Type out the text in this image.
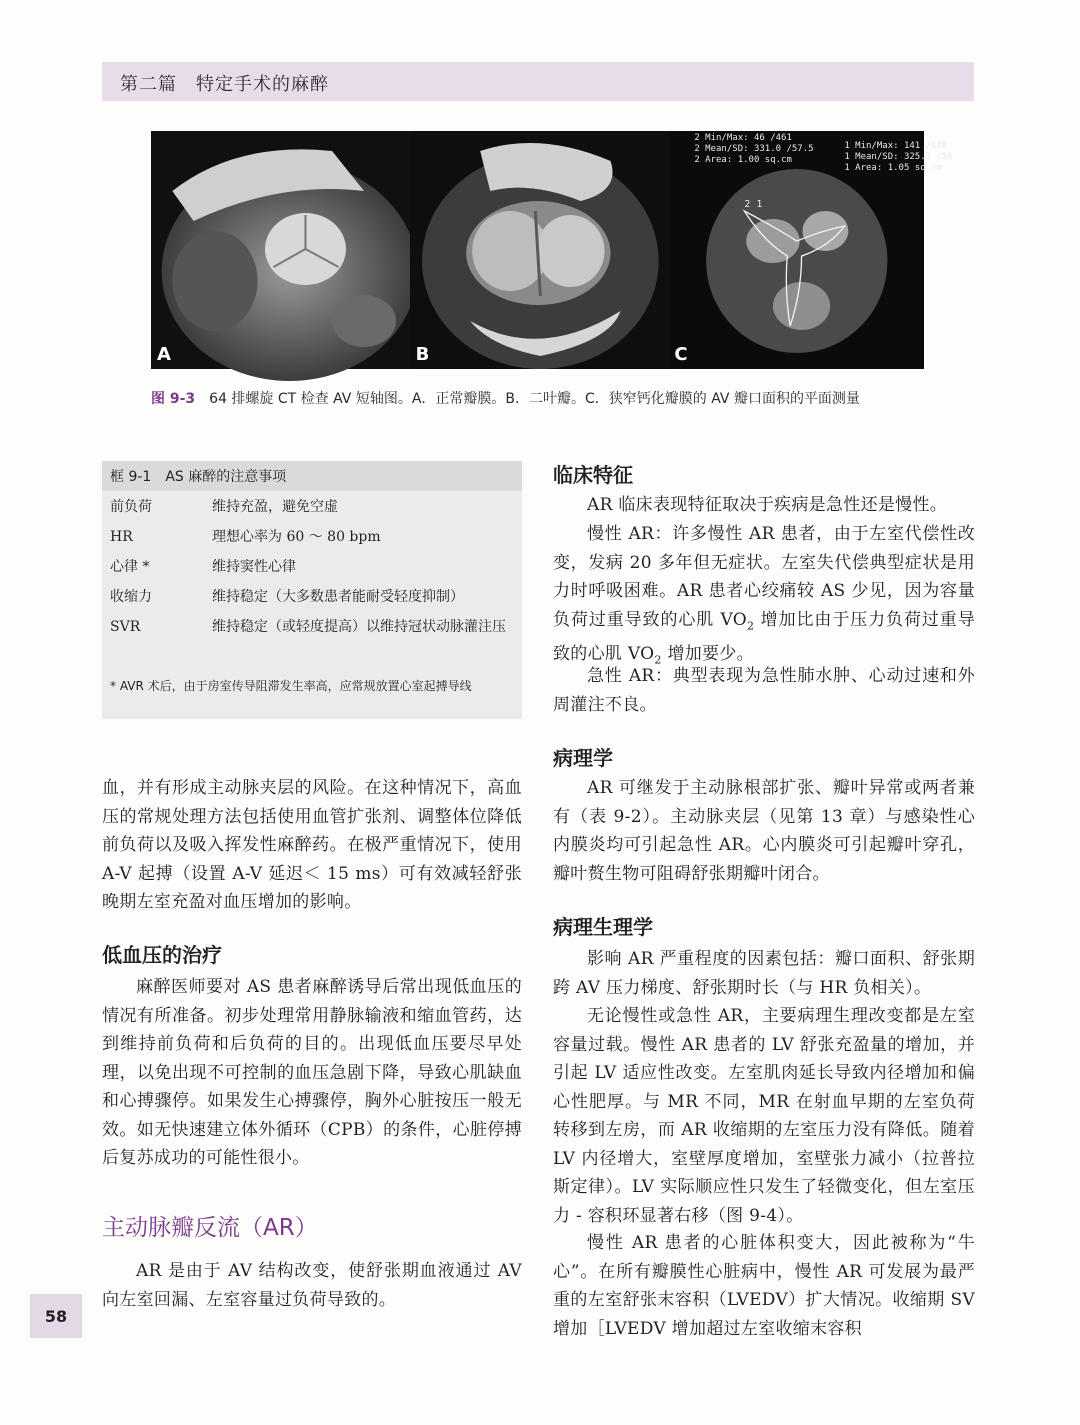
第二篇　特定手术的麻醉
A	B
2 Min/Max: 46 /461
2 Mean/SD: 331.0 /57.5
2 Area: 1.00 sq.cm
1 Min/Max: 141 /448
1 Mean/SD: 325.2 /56
1 Area: 1.05 sq.cm
2 1
C
图 9-3 64 排螺旋 CT 检查 AV 短轴图。A．正常瓣膜。B．二叶瓣。C．狭窄钙化瓣膜的 AV 瓣口面积的平面测量
框 9-1　AS 麻醉的注意事项
前负荷	维持充盈，避免空虚
HR	理想心率为 60 ～ 80 bpm
心律 *	维持窦性心律
收缩力	维持稳定（大多数患者能耐受轻度抑制）
SVR	维持稳定（或轻度提高）以维持冠状动脉灌注压
* AVR 术后，由于房室传导阻滞发生率高，应常规放置心室起搏导线
血，并有形成主动脉夹层的风险。在这种情况下，高血压的常规处理方法包括使用血管扩张剂、调整体位降低前负荷以及吸入挥发性麻醉药。在极严重情况下，使用 A-V 起搏（设置 A-V 延迟＜ 15 ms）可有效减轻舒张晚期左室充盈对血压增加的影响。
低血压的治疗
麻醉医师要对 AS 患者麻醉诱导后常出现低血压的情况有所准备。初步处理常用静脉输液和缩血管药，达到维持前负荷和后负荷的目的。出现低血压要尽早处理，以免出现不可控制的血压急剧下降，导致心肌缺血和心搏骤停。如果发生心搏骤停，胸外心脏按压一般无效。如无快速建立体外循环（CPB）的条件，心脏停搏后复苏成功的可能性很小。
主动脉瓣反流（AR）
AR 是由于 AV 结构改变，使舒张期血液通过 AV 向左室回漏、左室容量过负荷导致的。
临床特征
AR 临床表现特征取决于疾病是急性还是慢性。
慢性 AR：许多慢性 AR 患者，由于左室代偿性改变，发病 20 多年但无症状。左室失代偿典型症状是用力时呼吸困难。AR 患者心绞痛较 AS 少见，因为容量负荷过重导致的心肌 $VO_2$ 增加比由于压力负荷过重导致的心肌 $VO_2$ 增加要少。
急性 AR：典型表现为急性肺水肿、心动过速和外周灌注不良。
病理学
AR 可继发于主动脉根部扩张、瓣叶异常或两者兼有（表 9-2）。主动脉夹层（见第 13 章）与感染性心内膜炎均可引起急性 AR。心内膜炎可引起瓣叶穿孔，瓣叶赘生物可阻碍舒张期瓣叶闭合。
病理生理学
影响 AR 严重程度的因素包括：瓣口面积、舒张期跨 AV 压力梯度、舒张期时长（与 HR 负相关）。
无论慢性或急性 AR，主要病理生理改变都是左室容量过载。慢性 AR 患者的 LV 舒张充盈量的增加，并引起 LV 适应性改变。左室肌肉延长导致内径增加和偏心性肥厚。与 MR 不同，MR 在射血早期的左室负荷转移到左房，而 AR 收缩期的左室压力没有降低。随着 LV 内径增大，室壁厚度增加，室壁张力减小（拉普拉斯定律）。LV 实际顺应性只发生了轻微变化，但左室压力 - 容积环显著右移（图 9-4）。
慢性 AR 患者的心脏体积变大，因此被称为“牛心”。在所有瓣膜性心脏病中，慢性 AR 可发展为最严重的左室舒张末容积（LVEDV）扩大情况。收缩期 SV 增加［LVEDV 增加超过左室收缩末容积
58
